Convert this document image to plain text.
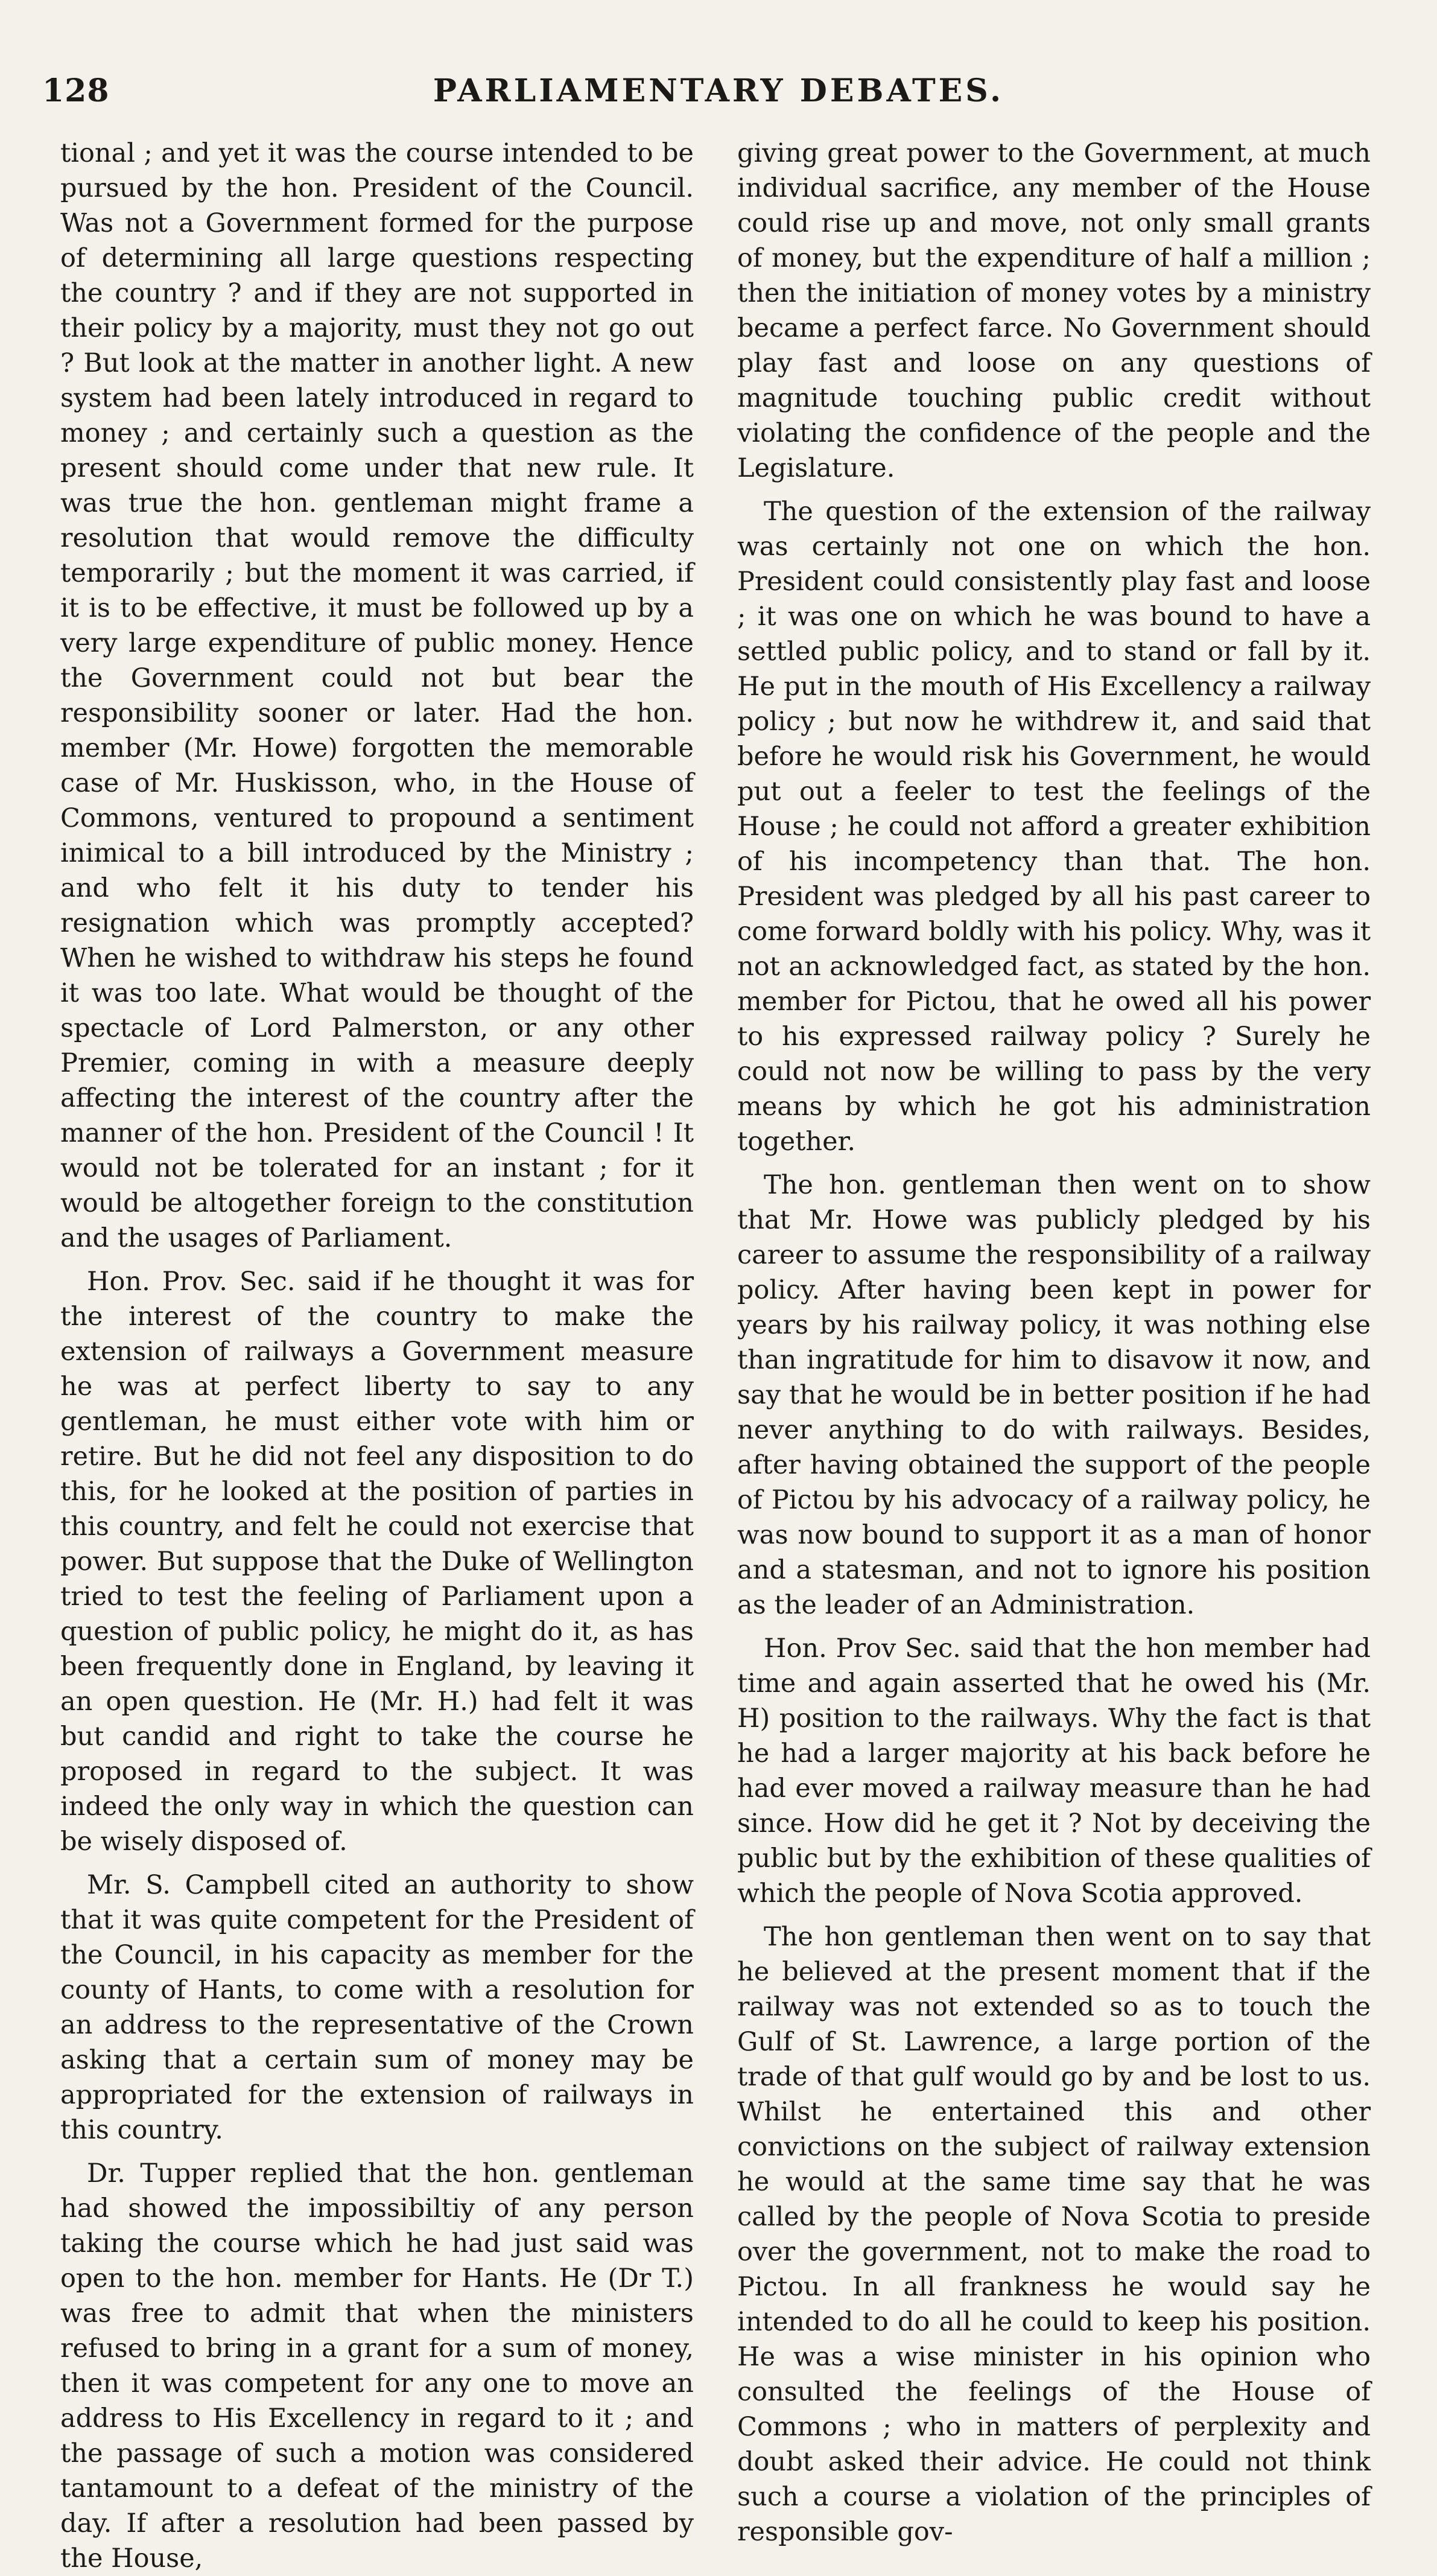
128	PARLIAMENTARY DEBATES.

tional ; and yet it was the course intended to be pursued by the hon. President of the Council. Was not a Government formed for the purpose of determining all large questions respecting the country ? and if they are not supported in their policy by a majority, must they not go out ? But look at the matter in another light. A new system had been lately introduced in regard to money ; and certainly such a question as the present should come under that new rule. It was true the hon. gentleman might frame a resolution that would remove the difficulty temporarily ; but the moment it was carried, if it is to be effective, it must be followed up by a very large expenditure of public money. Hence the Government could not but bear the responsibility sooner or later. Had the hon. member (Mr. Howe) forgotten the memorable case of Mr. Huskisson, who, in the House of Commons, ventured to propound a sentiment inimical to a bill introduced by the Ministry ; and who felt it his duty to tender his resignation which was promptly accepted? When he wished to withdraw his steps he found it was too late. What would be thought of the spectacle of Lord Palmerston, or any other Premier, coming in with a measure deeply affecting the interest of the country after the manner of the hon. President of the Council ! It would not be tolerated for an instant ; for it would be altogether foreign to the constitution and the usages of Parliament.

Hon. Prov. Sec. said if he thought it was for the interest of the country to make the extension of railways a Government measure he was at perfect liberty to say to any gentleman, he must either vote with him or retire. But he did not feel any disposition to do this, for he looked at the position of parties in this country, and felt he could not exercise that power. But suppose that the Duke of Wellington tried to test the feeling of Parliament upon a question of public policy, he might do it, as has been frequently done in England, by leaving it an open question. He (Mr. H.) had felt it was but candid and right to take the course he proposed in regard to the subject. It was indeed the only way in which the question can be wisely disposed of.

Mr. S. Campbell cited an authority to show that it was quite competent for the President of the Council, in his capacity as member for the county of Hants, to come with a resolution for an address to the representative of the Crown asking that a certain sum of money may be appropriated for the extension of railways in this country.

Dr. Tupper replied that the hon. gentleman had showed the impossibiltiy of any person taking the course which he had just said was open to the hon. member for Hants. He (Dr T.) was free to admit that when the ministers refused to bring in a grant for a sum of money, then it was competent for any one to move an address to His Excellency in regard to it ; and the passage of such a motion was considered tantamount to a defeat of the ministry of the day. If after a resolution had been passed by the House,

giving great power to the Government, at much individual sacrifice, any member of the House could rise up and move, not only small grants of money, but the expenditure of half a million ; then the initiation of money votes by a ministry became a perfect farce. No Government should play fast and loose on any questions of magnitude touching public credit without violating the confidence of the people and the Legislature.

The question of the extension of the railway was certainly not one on which the hon. President could consistently play fast and loose ; it was one on which he was bound to have a settled public policy, and to stand or fall by it. He put in the mouth of His Excellency a railway policy ; but now he withdrew it, and said that before he would risk his Government, he would put out a feeler to test the feelings of the House ; he could not afford a greater exhibition of his incompetency than that. The hon. President was pledged by all his past career to come forward boldly with his policy. Why, was it not an acknowledged fact, as stated by the hon. member for Pictou, that he owed all his power to his expressed railway policy ? Surely he could not now be willing to pass by the very means by which he got his administration together.

The hon. gentleman then went on to show that Mr. Howe was publicly pledged by his career to assume the responsibility of a railway policy. After having been kept in power for years by his railway policy, it was nothing else than ingratitude for him to disavow it now, and say that he would be in better position if he had never anything to do with railways. Besides, after having obtained the support of the people of Pictou by his advocacy of a railway policy, he was now bound to support it as a man of honor and a statesman, and not to ignore his position as the leader of an Administration.

Hon. Prov Sec. said that the hon member had time and again asserted that he owed his (Mr. H) position to the railways. Why the fact is that he had a larger majority at his back before he had ever moved a railway measure than he had since. How did he get it ? Not by deceiving the public but by the exhibition of these qualities of which the people of Nova Scotia approved.

The hon gentleman then went on to say that he believed at the present moment that if the railway was not extended so as to touch the Gulf of St. Lawrence, a large portion of the trade of that gulf would go by and be lost to us. Whilst he entertained this and other convictions on the subject of railway extension he would at the same time say that he was called by the people of Nova Scotia to preside over the government, not to make the road to Pictou. In all frankness he would say he intended to do all he could to keep his position. He was a wise minister in his opinion who consulted the feelings of the House of Commons ; who in matters of perplexity and doubt asked their advice. He could not think such a course a violation of the principles of responsible gov-
